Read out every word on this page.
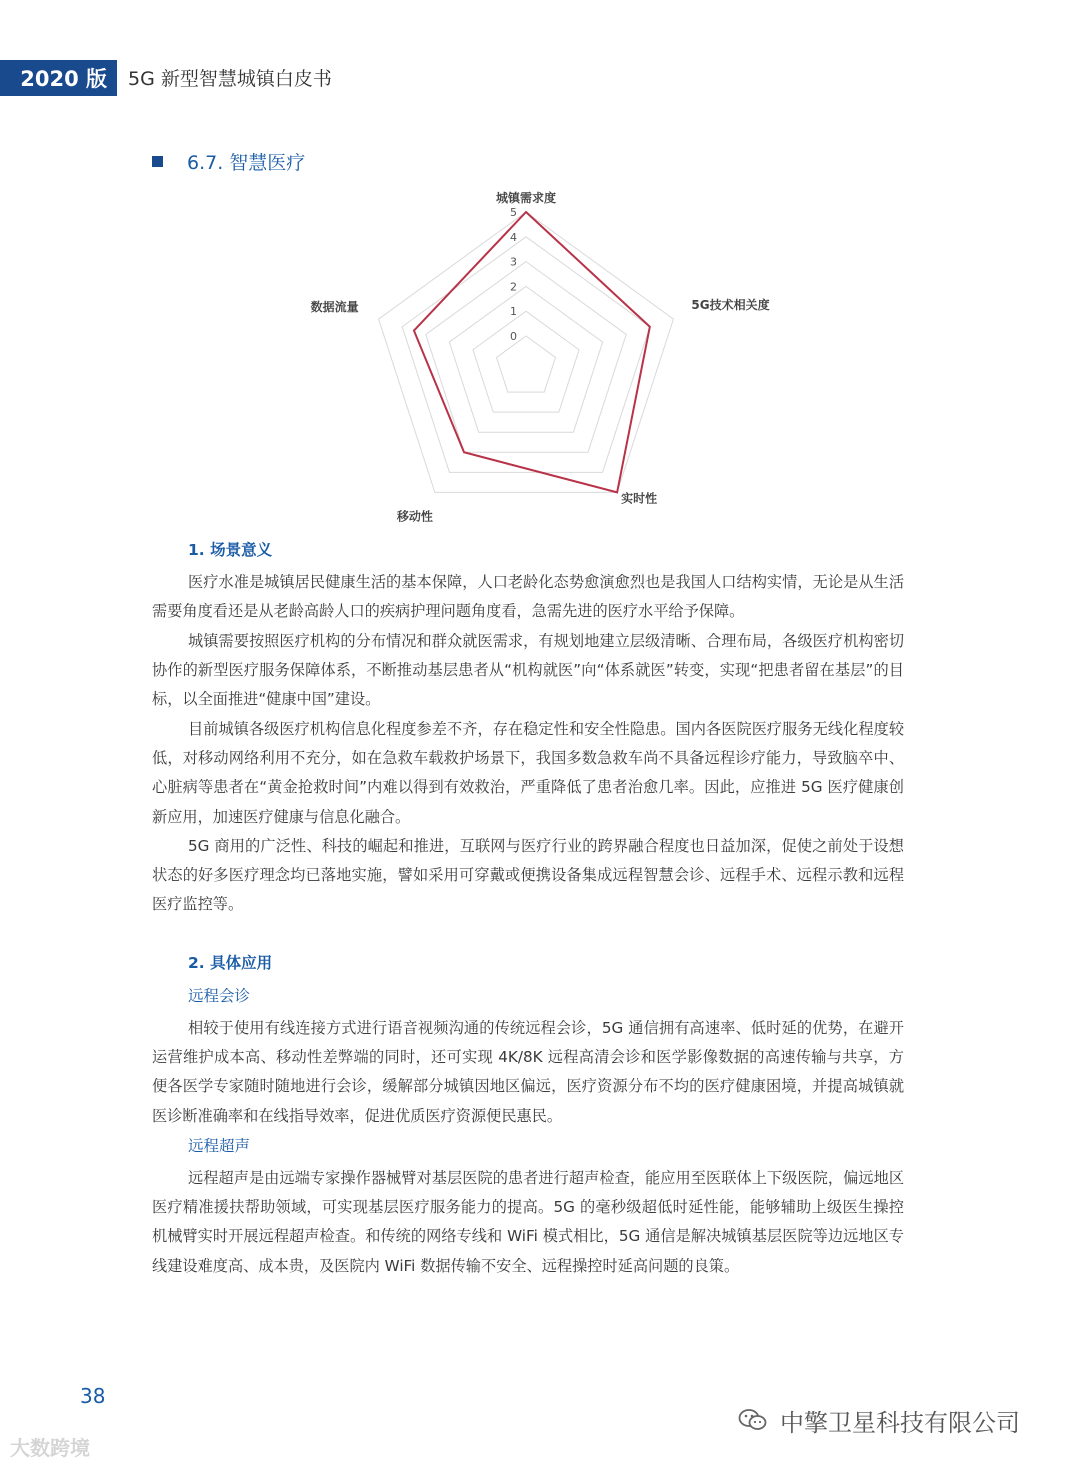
2020 版	5G 新型智慧城镇白皮书
6.7. 智慧医疗
0
1
2
3
4
5
城镇需求度
5G技术相关度
实时性
移动性
数据流量
1. 场景意义

医疗水准是城镇居民健康生活的基本保障，人口老龄化态势愈演愈烈也是我国人口结构实情，无论是从生活需要角度看还是从老龄高龄人口的疾病护理问题角度看，急需先进的医疗水平给予保障。

城镇需要按照医疗机构的分布情况和群众就医需求，有规划地建立层级清晰、合理布局，各级医疗机构密切协作的新型医疗服务保障体系，不断推动基层患者从“机构就医”向“体系就医”转变，实现“把患者留在基层”的目标，以全面推进“健康中国”建设。

目前城镇各级医疗机构信息化程度参差不齐，存在稳定性和安全性隐患。国内各医院医疗服务无线化程度较低，对移动网络利用不充分，如在急救车载救护场景下，我国多数急救车尚不具备远程诊疗能力，导致脑卒中、心脏病等患者在“黄金抢救时间”内难以得到有效救治，严重降低了患者治愈几率。因此，应推进 5G 医疗健康创新应用，加速医疗健康与信息化融合。

5G 商用的广泛性、科技的崛起和推进，互联网与医疗行业的跨界融合程度也日益加深，促使之前处于设想状态的好多医疗理念均已落地实施，譬如采用可穿戴或便携设备集成远程智慧会诊、远程手术、远程示教和远程医疗监控等。

2. 具体应用
远程会诊

相较于使用有线连接方式进行语音视频沟通的传统远程会诊，5G 通信拥有高速率、低时延的优势，在避开运营维护成本高、移动性差弊端的同时，还可实现 4K/8K 远程高清会诊和医学影像数据的高速传输与共享，方便各医学专家随时随地进行会诊，缓解部分城镇因地区偏远，医疗资源分布不均的医疗健康困境，并提高城镇就医诊断准确率和在线指导效率，促进优质医疗资源便民惠民。

远程超声

远程超声是由远端专家操作器械臂对基层医院的患者进行超声检查，能应用至医联体上下级医院，偏远地区医疗精准援扶帮助领域，可实现基层医疗服务能力的提高。5G 的毫秒级超低时延性能，能够辅助上级医生操控机械臂实时开展远程超声检查。和传统的网络专线和 WiFi 模式相比，5G 通信是解决城镇基层医院等边远地区专线建设难度高、成本贵，及医院内 WiFi 数据传输不安全、远程操控时延高问题的良策。

38
大数跨境
中擎卫星科技有限公司
